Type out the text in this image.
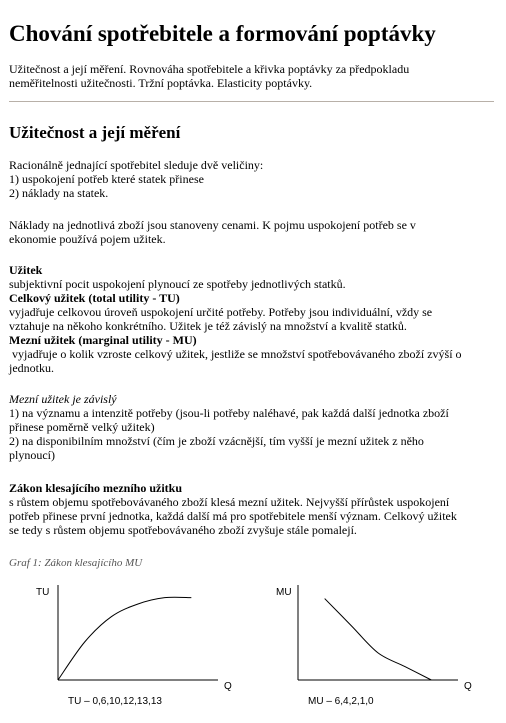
Chování spotřebitele a formování poptávky

Užitečnost a její měření. Rovnováha spotřebitele a křivka poptávky za předpokladu

neměřitelnosti užitečnosti. Tržní poptávka. Elasticity poptávky.

Užitečnost a její měření

Racionálně jednající spotřebitel sleduje dvě veličiny:

1) uspokojení potřeb které statek přinese

2) náklady na statek.

Náklady na jednotlivá zboží jsou stanoveny cenami. K pojmu uspokojení potřeb se v

ekonomie používá pojem užitek.

Užitek

subjektivní pocit uspokojení plynoucí ze spotřeby jednotlivých statků.

Celkový užitek (total utility - TU)

vyjadřuje celkovou úroveň uspokojení určité potřeby. Potřeby jsou individuální, vždy se

vztahuje na někoho konkrétního. Užitek je též závislý na množství a kvalitě statků.

Mezní užitek (marginal utility - MU)

vyjadřuje o kolik vzroste celkový užitek, jestliže se množství spotřebovávaného zboží zvýší o

jednotku.

Mezní užitek je závislý

1) na významu a intenzitě potřeby (jsou-li potřeby naléhavé, pak každá další jednotka zboží

přinese poměrně velký užitek)

2) na disponibilním množství (čím je zboží vzácnější, tím vyšší je mezní užitek z něho

plynoucí)

Zákon klesajícího mezního užitku

s růstem objemu spotřebovávaného zboží klesá mezní užitek. Nejvyšší přírůstek uspokojení

potřeb přinese první jednotka, každá další má pro spotřebitele menší význam. Celkový užitek

se tedy s růstem objemu spotřebovávaného zboží zvyšuje stále pomalejí.

Graf 1: Zákon klesajícího MU

TU
Q
TU – 0,6,10,12,13,13
MU
Q
MU – 6,4,2,1,0
